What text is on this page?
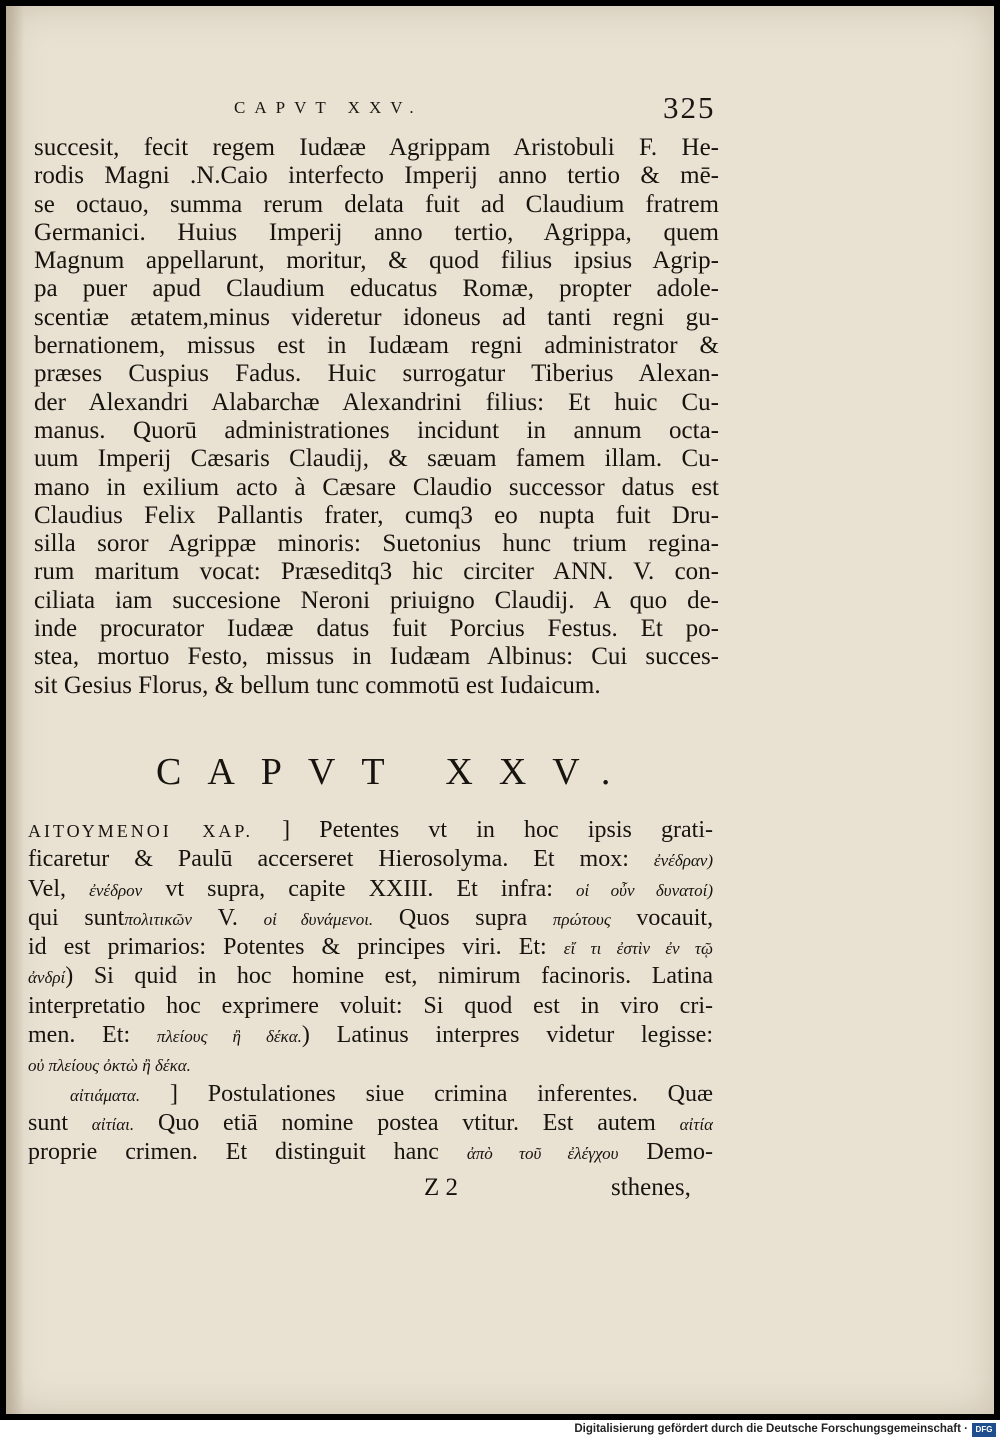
CAPVT XXV.	325
succesit, fecit regem Iudææ Agrippam Aristobuli F. He-
rodis Magni .N.Caio interfecto Imperij anno tertio & mē-
se octauo, summa rerum delata fuit ad Claudium fratrem
Germanici. Huius Imperij anno tertio, Agrippa, quem
Magnum appellarunt, moritur, & quod filius ipsius Agrip-
pa puer apud Claudium educatus Romæ, propter adole-
scentiæ ætatem,minus videretur idoneus ad tanti regni gu-
bernationem, missus est in Iudæam regni administrator &
præses Cuspius Fadus. Huic surrogatur Tiberius Alexan-
der Alexandri Alabarchæ Alexandrini filius: Et huic Cu-
manus. Quorū administrationes incidunt in annum octa-
uum Imperij Cæsaris Claudij, & sæuam famem illam. Cu-
mano in exilium acto à Cæsare Claudio successor datus est
Claudius Felix Pallantis frater, cumq3 eo nupta fuit Dru-
silla soror Agrippæ minoris: Suetonius hunc trium regina-
rum maritum vocat: Præseditq3 hic circiter ANN. V. con-
ciliata iam succesione Neroni priuigno Claudij. A quo de-
inde procurator Iudææ datus fuit Porcius Festus. Et po-
stea, mortuo Festo, missus in Iudæam Albinus: Cui succes-
sit Gesius Florus, & bellum tunc commotū est Iudaicum.
CAPVT XXV.
ΑΙΤΟΥΜΕΝΟΙ ΧΑΡ. ] Petentes vt in hoc ipsis grati-
ficaretur & Paulū accerseret Hierosolyma. Et mox: ἐνέδραν)
Vel, ἐνέδρον vt supra, capite XXIII. Et infra: οἱ οὖν δυνατοί)
qui suntπολιτικῶν V. οἱ δυνάμενοι. Quos supra πρώτους vocauit,
id est primarios: Potentes & principes viri. Et: εἴ τι ἐστὶν ἐν τῷ
ἀνδρί) Si quid in hoc homine est, nimirum facinoris. Latina
interpretatio hoc exprimere voluit: Si quod est in viro cri-
men. Et: πλείους ἢ δέκα.) Latinus interpres videtur legisse:
οὐ πλείους ὀκτὼ ἢ δέκα.
αἰτιάματα. ] Postulationes siue crimina inferentes. Quæ
sunt αἰτίαι. Quo etiā nomine postea vtitur. Est autem αἰτία
proprie crimen. Et distinguit hanc ἀπὸ τοῦ ἐλέγχου Demo-
Z 2	sthenes,
Digitalisierung gefördert durch die Deutsche Forschungsgemeinschaft · DFG
